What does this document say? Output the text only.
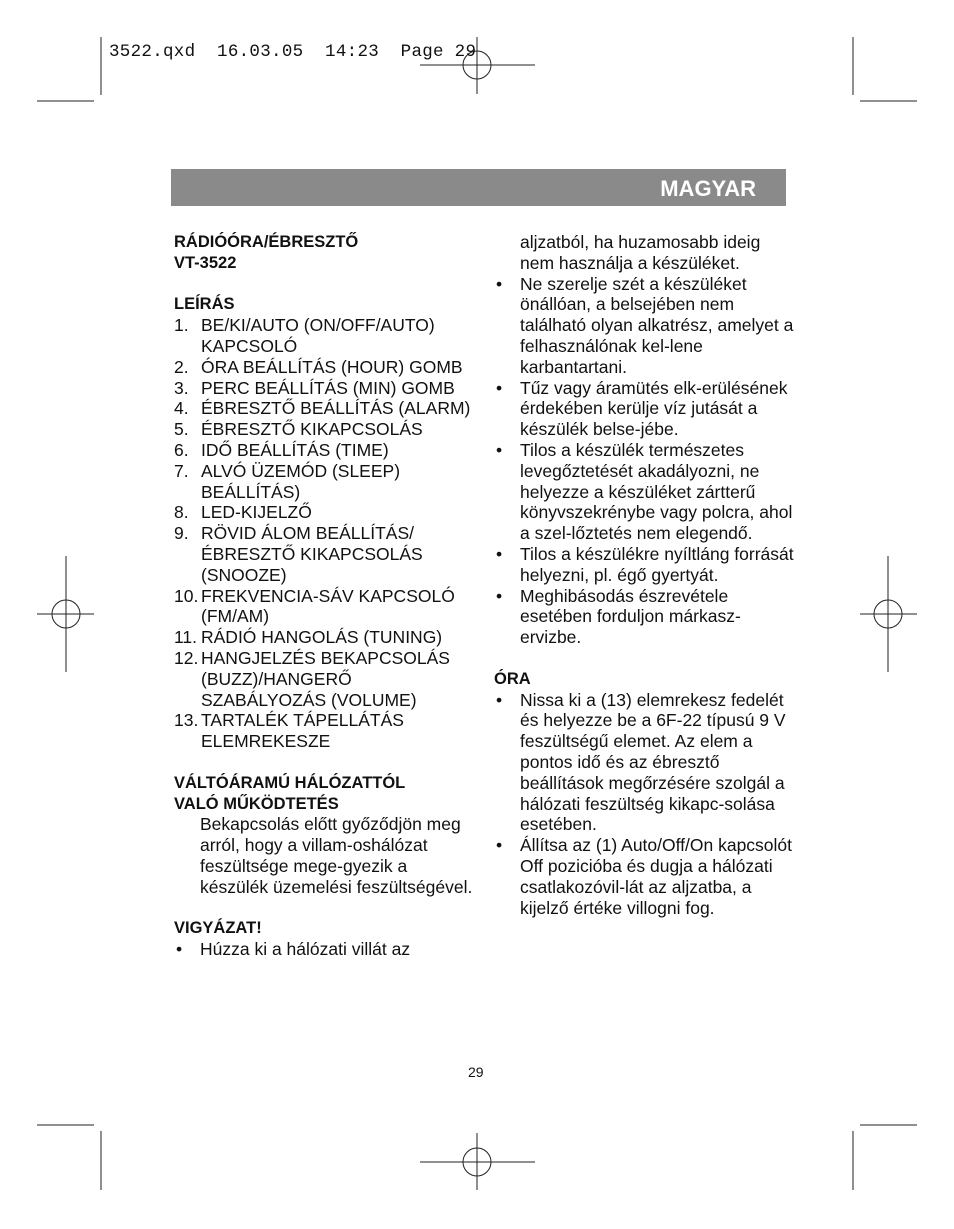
3522.qxd  16.03.05  14:23  Page 29
MAGYAR
RÁDIÓÓRA/ÉBRESZTŐ
VT-3522
LEÍRÁS
1. BE/KI/AUTO (ON/OFF/AUTO) KAPCSOLÓ
2. ÓRA BEÁLLÍTÁS (HOUR) GOMB
3. PERC BEÁLLÍTÁS (MIN) GOMB
4. ÉBRESZTŐ BEÁLLÍTÁS (ALARM)
5. ÉBRESZTŐ KIKAPCSOLÁS
6. IDŐ BEÁLLÍTÁS (TIME)
7. ALVÓ ÜZEMÓD (SLEEP) BEÁLLÍTÁS)
8. LED-KIJELZŐ
9. RÖVID ÁLOM BEÁLLÍTÁS/ÉBRESZTŐ KIKAPCSOLÁS (SNOOZE)
10. FREKVENCIA-SÁV KAPCSOLÓ (FM/AM)
11. RÁDIÓ HANGOLÁS (TUNING)
12. HANGJELZÉS BEKAPCSOLÁS (BUZZ)/HANGERŐ SZABÁLYOZÁS (VOLUME)
13. TARTALÉK TÁPELLÁTÁS ELEMREKESZE
VÁLTÓÁRAMÚ HÁLÓZATTÓL
VALÓ MŰKÖDTETÉS
Bekapcsolás előtt győződjön meg arról, hogy a villam-oshálózat feszültsége mege-gyezik a készülék üzemelési feszültségével.
VIGYÁZAT!
• Húzza ki a hálózati villát az
aljzatból, ha huzamosabb ideig nem használja a készüléket.
• Ne szerelje szét a készüléket önállóan, a belsejében nem található olyan alkatrész, amelyet a felhasználónak kel-lene karbantartani.
• Tűz vagy áramütés elk-erülésének érdekében kerülje víz jutását a készülék belse-jébe.
• Tilos a készülék természetes levegőztetését akadályozni, ne helyezze a készüléket zártterű könyvszekrénybe vagy polcra, ahol a szel-lőztetés nem elegendő.
• Tilos a készülékre nyíltláng forrását helyezni, pl. égő gyertyát.
• Meghibásodás észrevétele esetében forduljon márkasz-ervizbe.
ÓRA
• Nissa ki a (13) elemrekesz fedelét és helyezze be a 6F-22 típusú 9 V feszültségű elemet. Az elem a pontos idő és az ébresztő beállítások megőrzésére szolgál a hálózati feszültség kikapc-solása esetében.
• Állítsa az (1) Auto/Off/On kapcsolót Off pozicióba és dugja a hálózati csatlakozóvil-lát az aljzatba, a kijelző értéke villogni fog.
29
